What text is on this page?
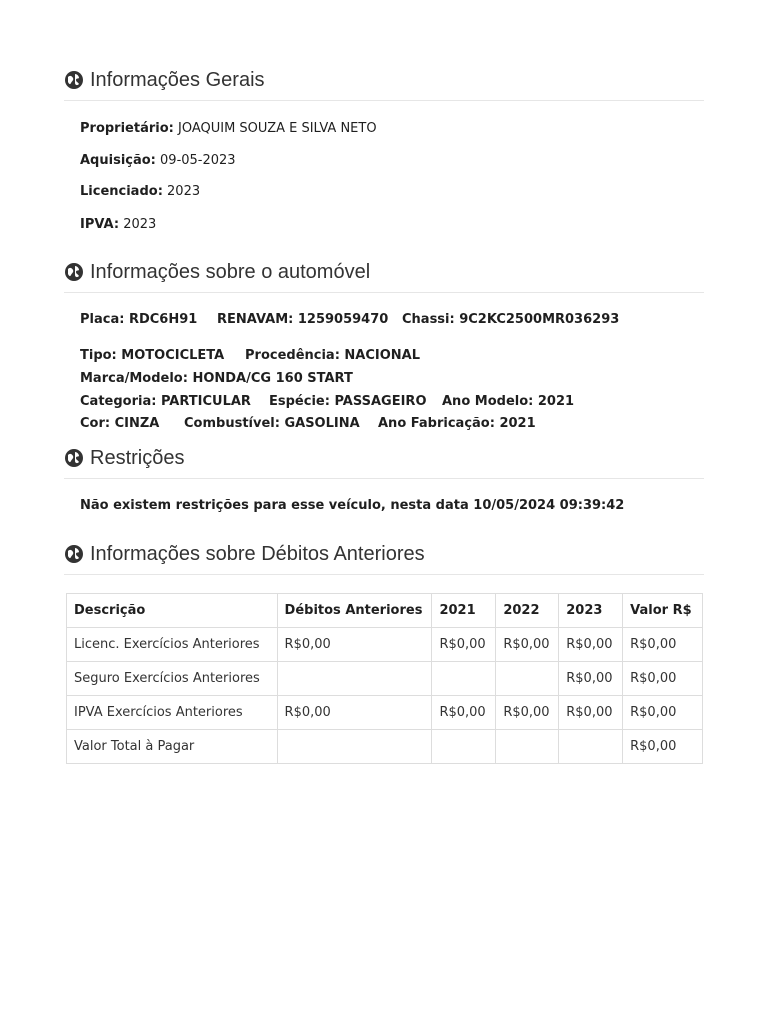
Informações Gerais
Proprietário: JOAQUIM SOUZA E SILVA NETO
Aquisição: 09-05-2023
Licenciado: 2023
IPVA: 2023
Informações sobre o automóvel
Placa: RDC6H91 RENAVAM: 1259059470 Chassi: 9C2KC2500MR036293
Tipo: MOTOCICLETA Procedência: NACIONAL
Marca/Modelo: HONDA/CG 160 START
Categoria: PARTICULAR Espécie: PASSAGEIRO Ano Modelo: 2021
Cor: CINZA Combustível: GASOLINA Ano Fabricação: 2021
Restrições
Não existem restrições para esse veículo, nesta data 10/05/2024 09:39:42
Informações sobre Débitos Anteriores
Descrição	Débitos Anteriores	2021	2022	2023	Valor R$
Licenc. Exercícios Anteriores	R$0,00	R$0,00	R$0,00	R$0,00	R$0,00
Seguro Exercícios Anteriores				R$0,00	R$0,00
IPVA Exercícios Anteriores	R$0,00	R$0,00	R$0,00	R$0,00	R$0,00
Valor Total à Pagar					R$0,00
